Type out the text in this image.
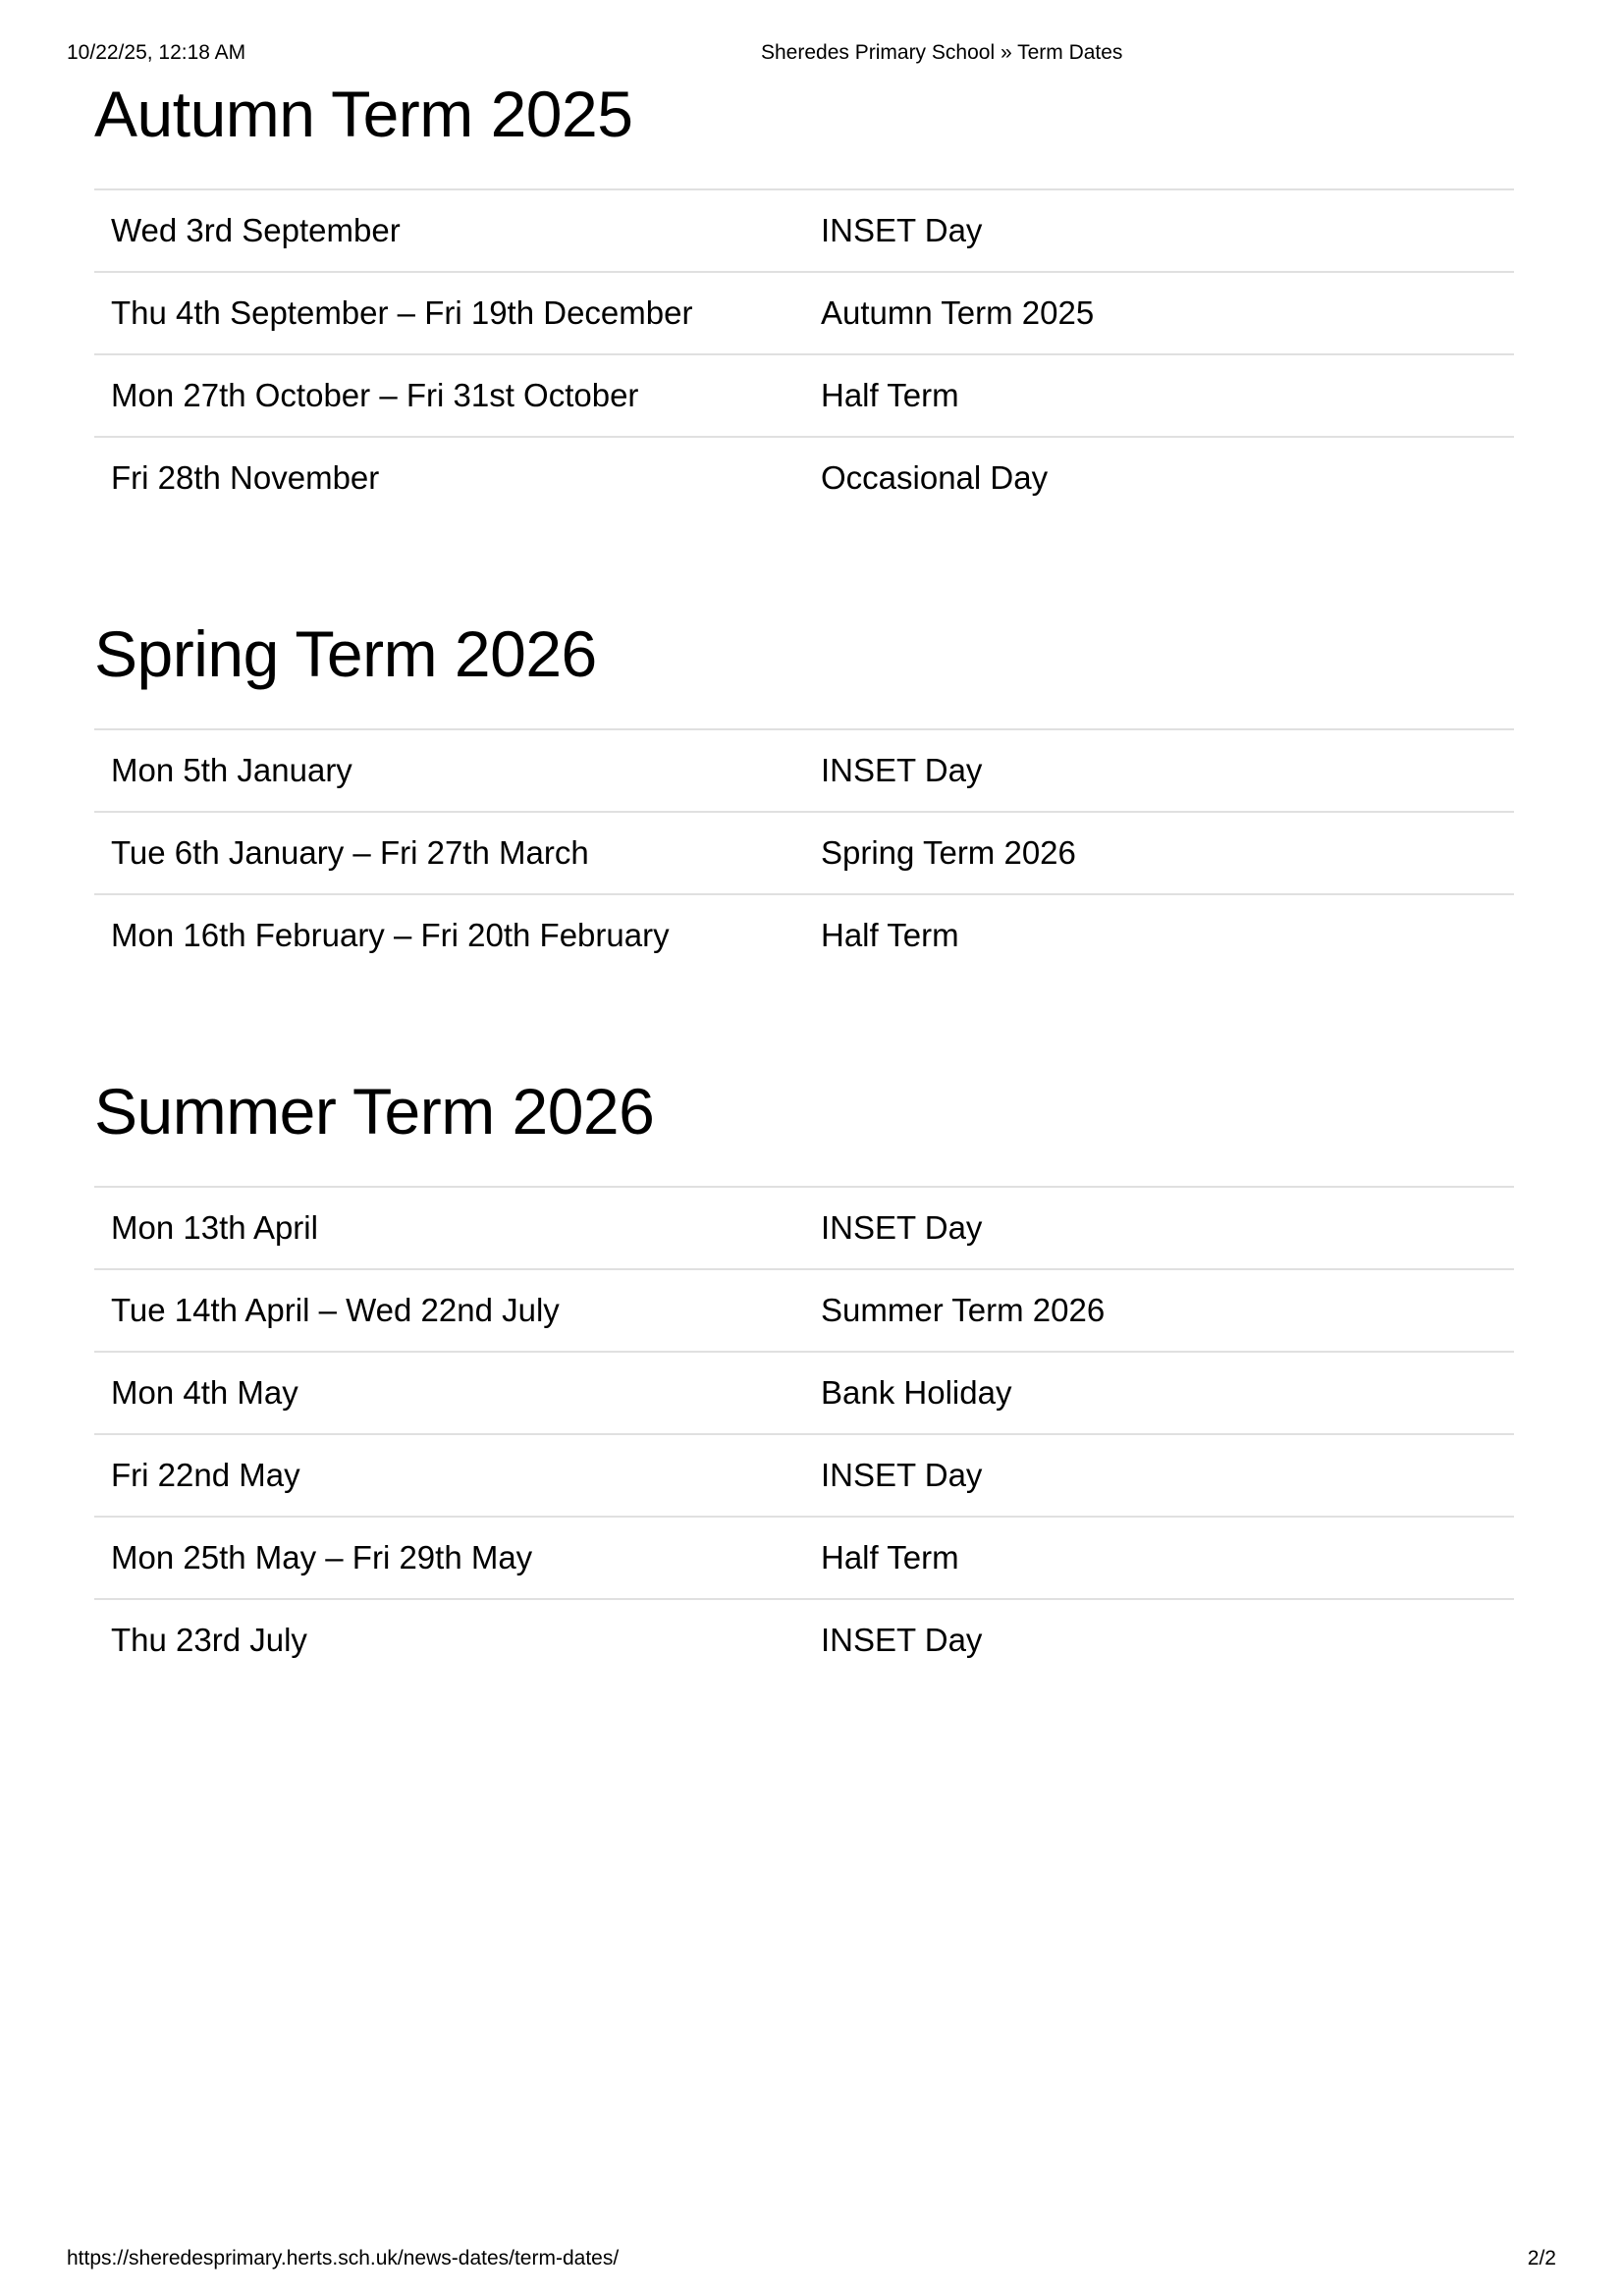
10/22/25, 12:18 AM	Sheredes Primary School » Term Dates
Autumn Term 2025
Wed 3rd September	INSET Day
Thu 4th September – Fri 19th December	Autumn Term 2025
Mon 27th October – Fri 31st October	Half Term
Fri 28th November	Occasional Day
Spring Term 2026
Mon 5th January	INSET Day
Tue 6th January – Fri 27th March	Spring Term 2026
Mon 16th February – Fri 20th February	Half Term
Summer Term 2026
Mon 13th April	INSET Day
Tue 14th April – Wed 22nd July	Summer Term 2026
Mon 4th May	Bank Holiday
Fri 22nd May	INSET Day
Mon 25th May – Fri 29th May	Half Term
Thu 23rd July	INSET Day
https://sheredesprimary.herts.sch.uk/news-dates/term-dates/	2/2
